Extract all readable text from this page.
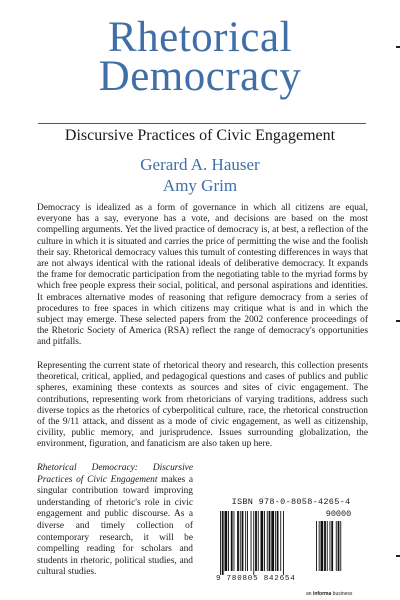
Rhetorical
Democracy
Discursive Practices of Civic Engagement
Gerard A. Hauser
Amy Grim

Democracy is idealized as a form of governance in which all citizens are equal, everyone has a say, everyone has a vote, and decisions are based on the most compelling arguments. Yet the lived practice of democracy is, at best, a reflection of the culture in which it is situated and carries the price of permitting the wise and the foolish their say. Rhetorical democracy values this tumult of contesting differences in ways that are not always identical with the rational ideals of deliberative democracy. It expands the frame for democratic participation from the negotiating table to the myriad forms by which free people express their social, political, and personal aspirations and identities. It embraces alternative modes of reasoning that refigure democracy from a series of procedures to free spaces in which citizens may critique what is and in which the subject may emerge. These selected papers from the 2002 conference proceedings of the Rhetoric Society of America (RSA) reflect the range of democracy's opportunities and pitfalls.

Representing the current state of rhetorical theory and research, this collection presents theoretical, critical, applied, and pedagogical questions and cases of publics and public spheres, examining these contexts as sources and sites of civic engagement. The contributions, representing work from rhetoricians of varying traditions, address such diverse topics as the rhetorics of cyberpolitical culture, race, the rhetorical construction of the 9/11 attack, and dissent as a mode of civic engagement, as well as citizenship, civility, public memory, and jurisprudence. Issues surrounding globalization, the environment, figuration, and fanaticism are also taken up here.

Rhetorical Democracy: Discursive Practices of Civic Engagement makes a singular contribution toward improving understanding of rhetoric's role in civic engagement and public discourse. As a diverse and timely collection of contemporary research, it will be compelling reading for scholars and students in rhetoric, political studies, and cultural studies.

ISBN 978-0-8058-4265-4
90000
9 780805 842654
an informa business
